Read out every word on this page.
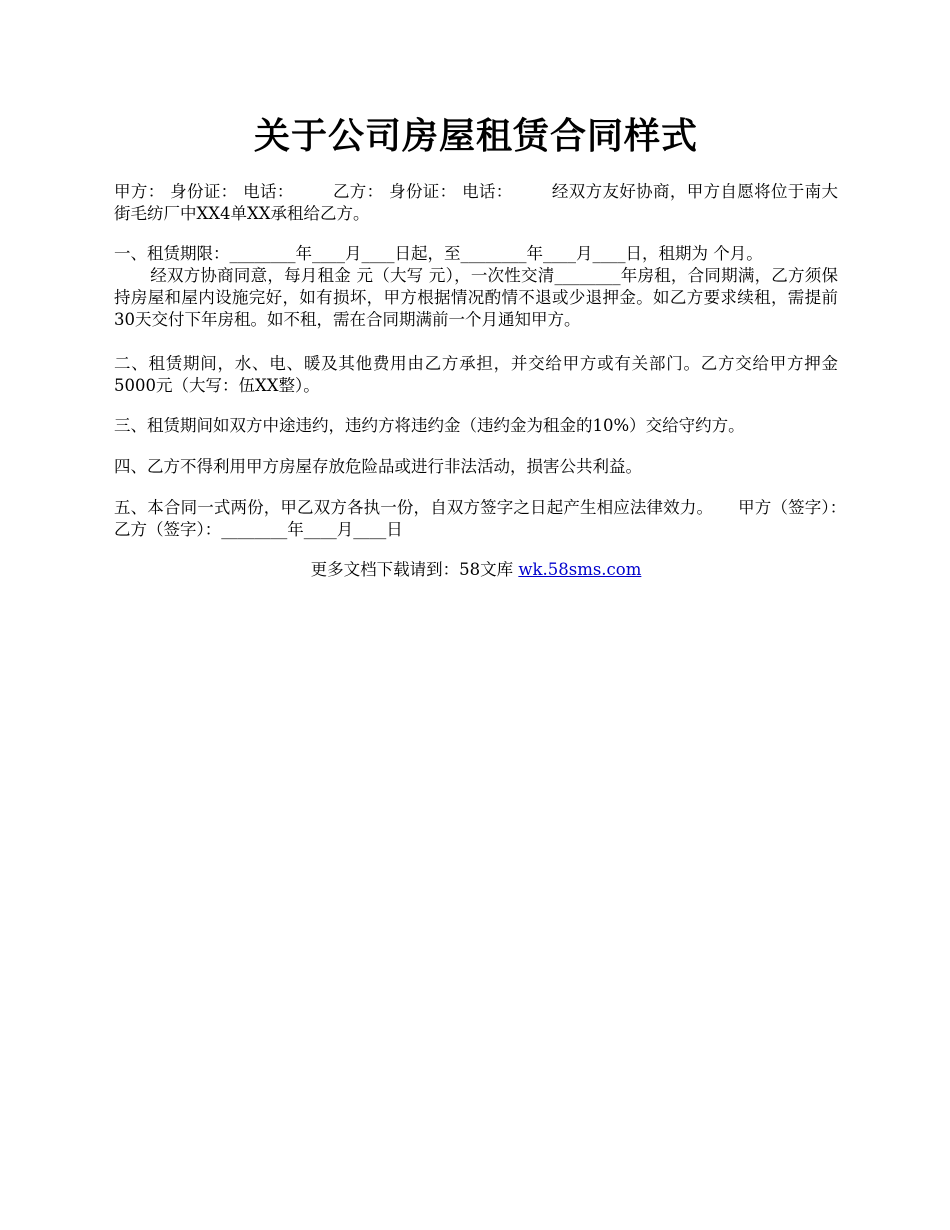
关于公司房屋租赁合同样式
甲方： 身份证： 电话： 　　乙方： 身份证： 电话： 　　经双方友好协商，甲方自愿将位于南大街毛纺厂中XX4单XX承租给乙方。
一、租赁期限：________年____月____日起，至________年____月____日，租期为 个月。
经双方协商同意，每月租金 元（大写 元），一次性交清________年房租，合同期满，乙方须保持房屋和屋内设施完好，如有损坏，甲方根据情况酌情不退或少退押金。如乙方要求续租，需提前30天交付下年房租。如不租，需在合同期满前一个月通知甲方。
二、租赁期间，水、电、暖及其他费用由乙方承担，并交给甲方或有关部门。乙方交给甲方押金5000元（大写：伍XX整）。
三、租赁期间如双方中途违约，违约方将违约金（违约金为租金的10%）交给守约方。
四、乙方不得利用甲方房屋存放危险品或进行非法活动，损害公共利益。
五、本合同一式两份，甲乙双方各执一份，自双方签字之日起产生相应法律效力。　　甲方（签字）：　　乙方（签字）：________年____月____日
更多文档下载请到：58文库 wk.58sms.com
